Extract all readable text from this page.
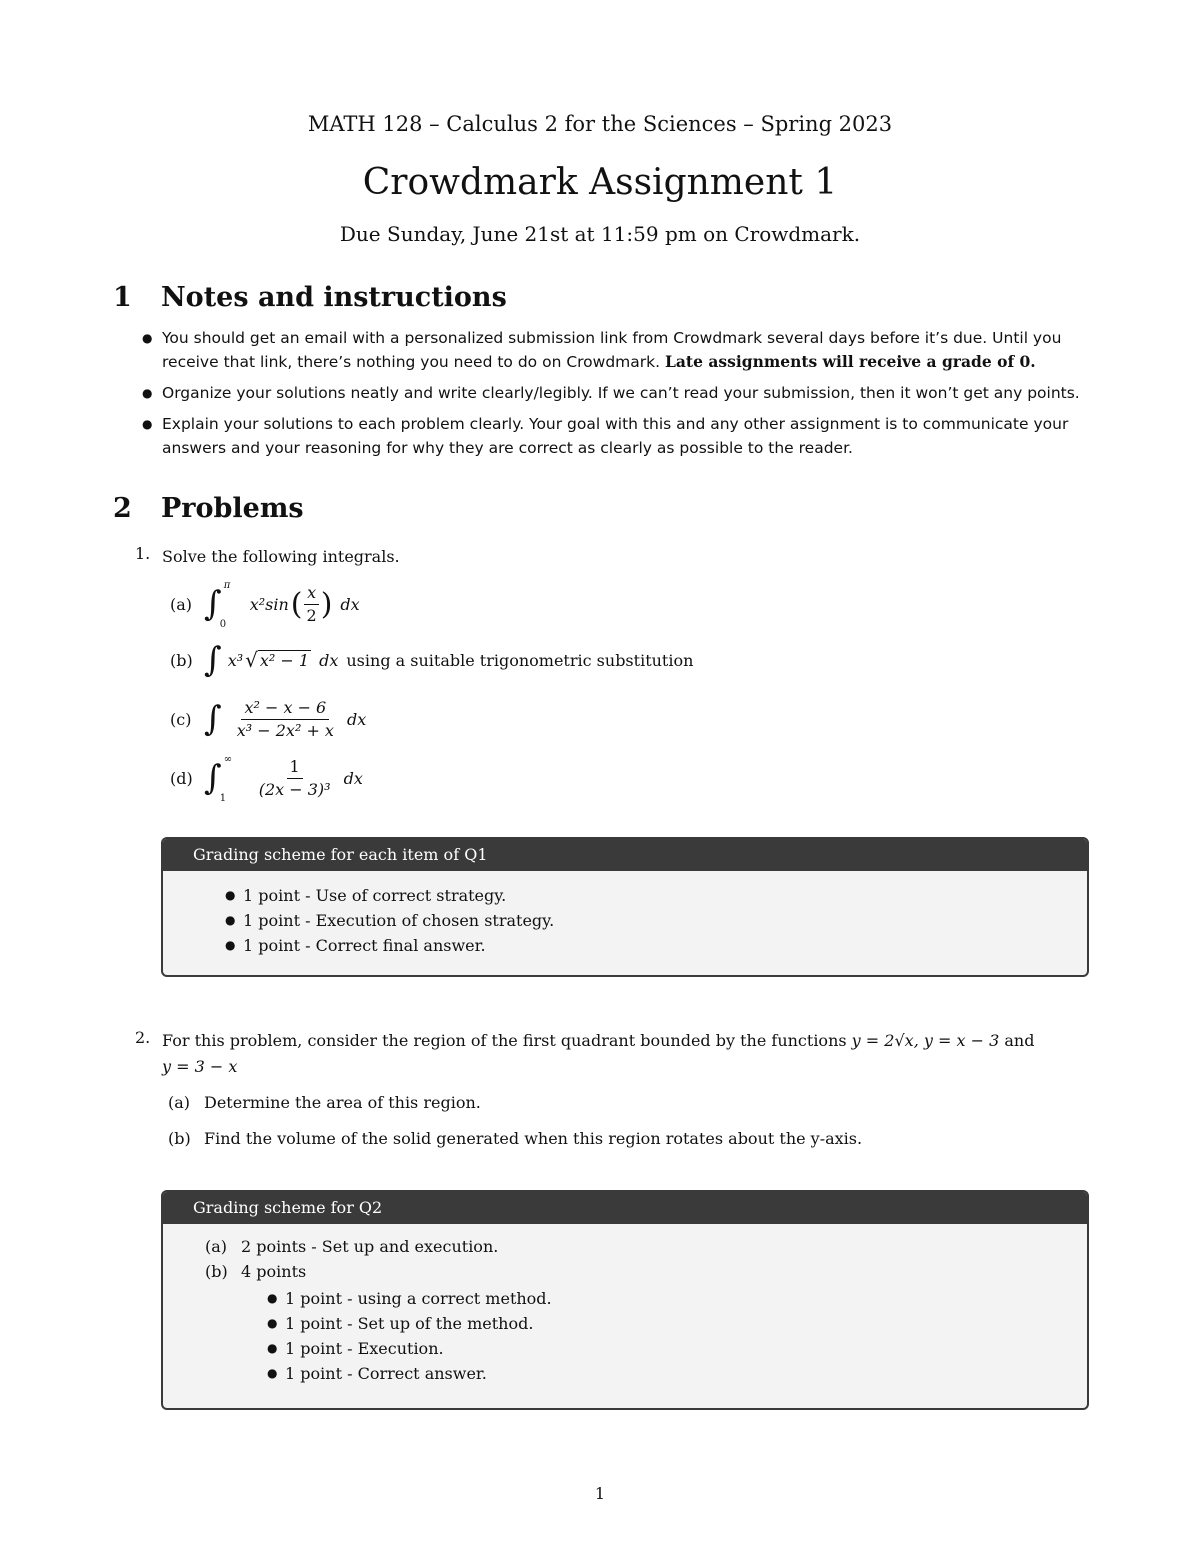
MATH 128 – Calculus 2 for the Sciences – Spring 2023
Crowdmark Assignment 1
Due Sunday, June 21st at 11:59 pm on Crowdmark.
1 Notes and instructions
● You should get an email with a personalized submission link from Crowdmark several days before it’s due. Until you receive that link, there’s nothing you need to do on Crowdmark. Late assignments will receive a grade of 0.
● Organize your solutions neatly and write clearly/legibly. If we can’t read your submission, then it won’t get any points.
● Explain your solutions to each problem clearly. Your goal with this and any other assignment is to communicate your answers and your reasoning for why they are correct as clearly as possible to the reader.
2 Problems
1. Solve the following integrals.
(a) ∫ π
0
x²sin ( $\frac{x}{2}$ ) dx
(b) ∫ x³ √ x² − 1 dx using a suitable trigonometric substitution
(c) ∫ $\frac{\text{x² − x − 6}}{\text{x³ − 2x² + x}}$ dx
(d) ∫ ∞
$1 \frac{1}{\text{(2x − 3)³}}$ dx
Grading scheme for each item of Q1
● 1 point - Use of correct strategy.
● 1 point - Execution of chosen strategy.
● 1 point - Correct final answer.
2. For this problem, consider the region of the first quadrant bounded by the functions y = 2√x, y = x − 3 and
y = 3 − x
(a) Determine the area of this region.
(b) Find the volume of the solid generated when this region rotates about the y-axis.
Grading scheme for Q2
(a) 2 points - Set up and execution.
(b) 4 points
● 1 point - using a correct method.
● 1 point - Set up of the method.
● 1 point - Execution.
● 1 point - Correct answer.
1
